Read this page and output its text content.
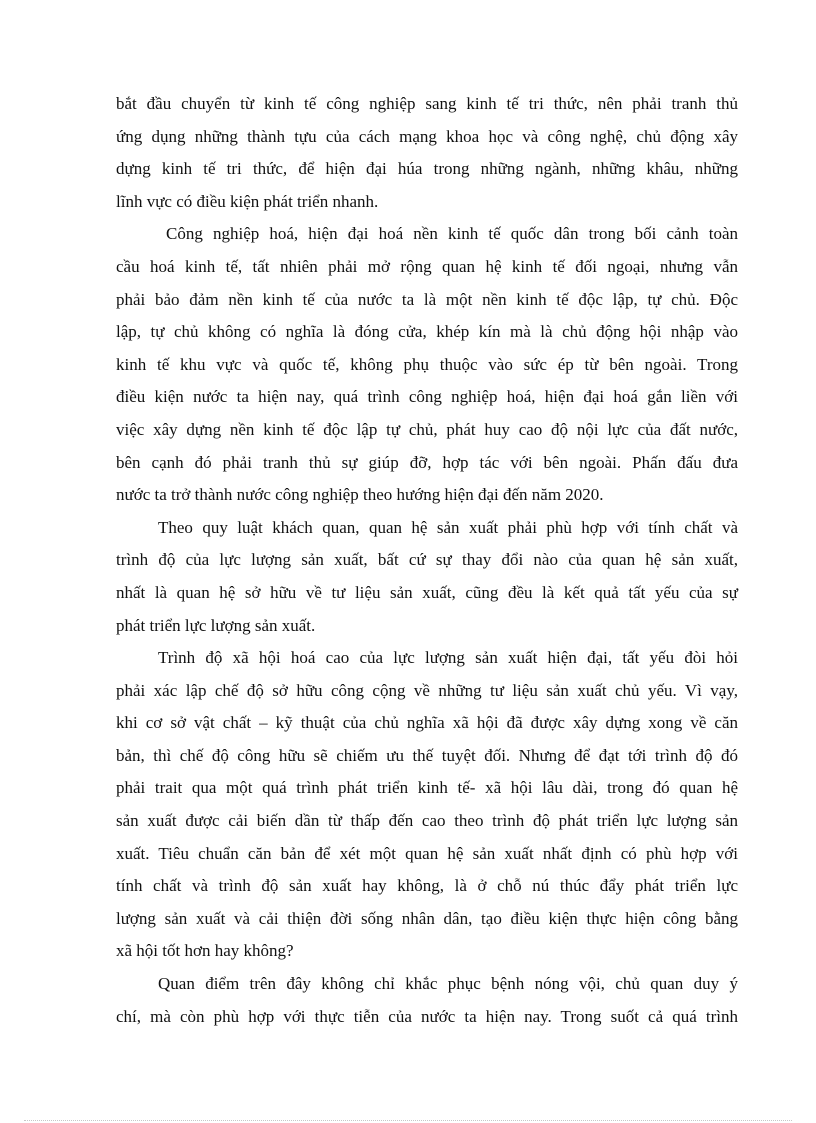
bắt đầu chuyển từ kinh tế công nghiệp sang kinh tế tri thức, nên phải tranh thủ
ứng dụng những thành tựu của cách mạng khoa học và công nghệ, chủ động xây
dựng kinh tế tri thức, để hiện đại húa trong những ngành, những khâu, những
lĩnh vực có điều kiện phát triển nhanh.
Công nghiệp hoá, hiện đại hoá nền kinh tế quốc dân trong bối cảnh toàn
cầu hoá kinh tế, tất nhiên phải mở rộng quan hệ kinh tế đối ngoại, nhưng vẫn
phải bảo đảm nền kinh tế của nước ta là một nền kinh tế độc lập, tự chủ. Độc
lập, tự chủ không có nghĩa là đóng cửa, khép kín mà là chủ động hội nhập vào
kinh tế khu vực và quốc tế, không phụ thuộc vào sức ép từ bên ngoài. Trong
điều kiện nước ta hiện nay, quá trình công nghiệp hoá, hiện đại hoá gắn liền với
việc xây dựng nền kinh tế độc lập tự chủ, phát huy cao độ nội lực của đất nước,
bên cạnh đó phải tranh thủ sự giúp đỡ, hợp tác với bên ngoài. Phấn đấu đưa
nước ta trở thành nước công nghiệp theo hướng hiện đại đến năm 2020.
Theo quy luật khách quan, quan hệ sản xuất phải phù hợp với tính chất và
trình độ của lực lượng sản xuất, bất cứ sự thay đổi nào của quan hệ sản xuất,
nhất là quan hệ sở hữu về tư liệu sản xuất, cũng đều là kết quả tất yếu của sự
phát triển lực lượng sản xuất.
Trình độ xã hội hoá cao của lực lượng sản xuất hiện đại, tất yếu đòi hỏi
phải xác lập chế độ sở hữu công cộng về những tư liệu sản xuất chủ yếu. Vì vạy,
khi cơ sở vật chất – kỹ thuật của chủ nghĩa xã hội đã được xây dựng xong về căn
bản, thì chế độ công hữu sẽ chiếm ưu thế tuyệt đối. Nhưng để đạt tới trình độ đó
phải trait qua một quá trình phát triển kinh tế- xã hội lâu dài, trong đó quan hệ
sản xuất được cải biến dần từ thấp đến cao theo trình độ phát triển lực lượng sản
xuất. Tiêu chuẩn căn bản để xét một quan hệ sản xuất nhất định có phù hợp với
tính chất và trình độ sản xuất hay không, là ở chỗ nú thúc đẩy phát triển lực
lượng sản xuất và cải thiện đời sống nhân dân, tạo điều kiện thực hiện công bằng
xã hội tốt hơn hay không?
Quan điểm trên đây không chỉ khắc phục bệnh nóng vội, chủ quan duy ý
chí, mà còn phù hợp với thực tiễn của nước ta hiện nay. Trong suốt cả quá trình
